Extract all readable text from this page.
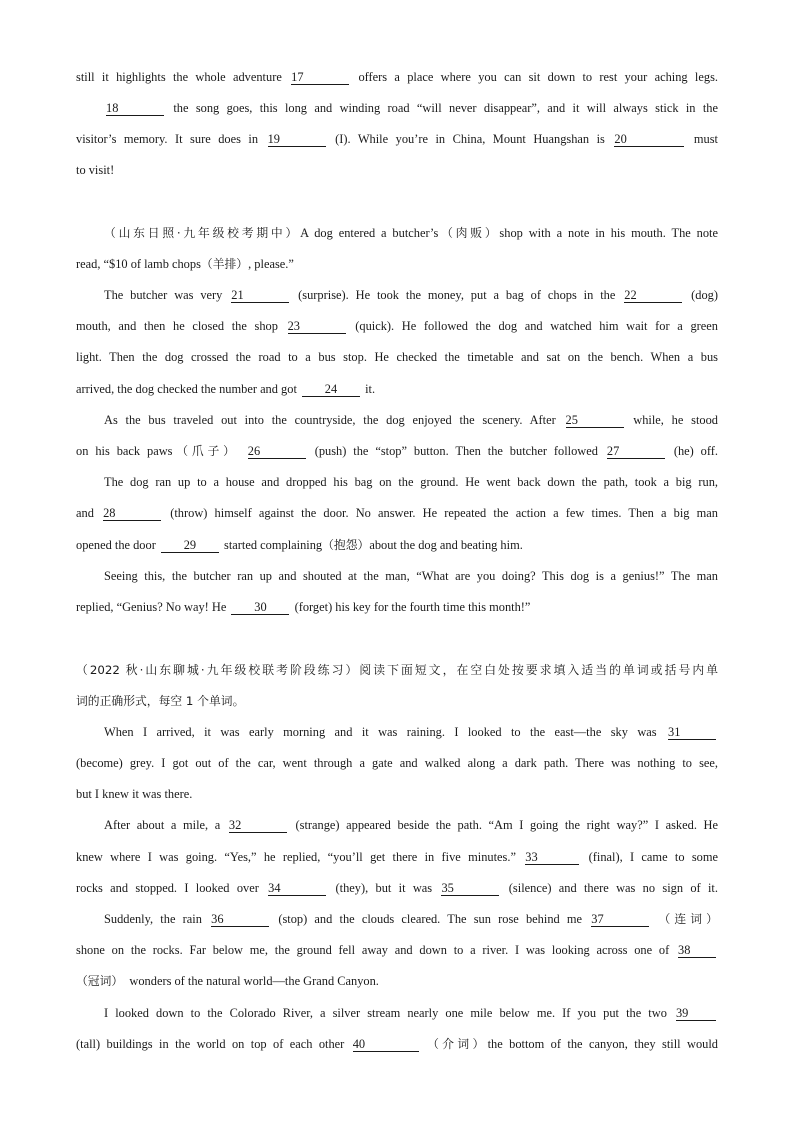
still it highlights the whole adventure 17	offers a place where you can sit down to rest your aching legs.
18	the song goes, this long and winding road “will never disappear”, and it will always stick in the
visitor’s memory. It sure does in 19	(I). While you’re in China, Mount Huangshan is 20	must
to visit!
（山东日照·九年级校考期中）A dog entered a butcher’s（肉贩）shop with a note in his mouth. The note
read, “$10 of lamb chops（羊排）, please.”
The butcher was very 21	(surprise). He took the money, put a bag of chops in the 22	(dog)
mouth, and then he closed the shop 23	(quick). He followed the dog and watched him wait for a green
light. Then the dog crossed the road to a bus stop. He checked the timetable and sat on the bench. When a bus
arrived, the dog checked the number and got 24 it.
As the bus traveled out into the countryside, the dog enjoyed the scenery. After 25	while, he stood
on his back paws（爪子） 26	(push) the “stop” button. Then the butcher followed 27	(he) off.
The dog ran up to a house and dropped his bag on the ground. He went back down the path, took a big run,
and 28	(throw) himself against the door. No answer. He repeated the action a few times. Then a big man
opened the door 29 started complaining（抱怨）about the dog and beating him.
Seeing this, the butcher ran up and shouted at the man, “What are you doing? This dog is a genius!” The man
replied, “Genius? No way! He 30 (forget) his key for the fourth time this month!”
（2022 秋·山东聊城·九年级校联考阶段练习）阅读下面短文，在空白处按要求填入适当的单词或括号内单
词的正确形式，每空 1 个单词。
When I arrived, it was early morning and it was raining. I looked to the east—the sky was 31
(become) grey. I got out of the car, went through a gate and walked along a dark path. There was nothing to see,
but I knew it was there.
After about a mile, a 32	(strange) appeared beside the path. “Am I going the right way?” I asked. He
knew where I was going. “Yes,” he replied, “you’ll get there in five minutes.” 33	(final), I came to some
rocks and stopped. I looked over 34	(they), but it was 35	(silence) and there was no sign of it.
Suddenly, the rain 36	(stop) and the clouds cleared. The sun rose behind me 37	（连词）
shone on the rocks. Far below me, the ground fell away and down to a river. I was looking across one of 38
（冠词） wonders of the natural world—the Grand Canyon.
I looked down to the Colorado River, a silver stream nearly one mile below me. If you put the two 39
(tall) buildings in the world on top of each other 40	（介词）the bottom of the canyon, they still would
